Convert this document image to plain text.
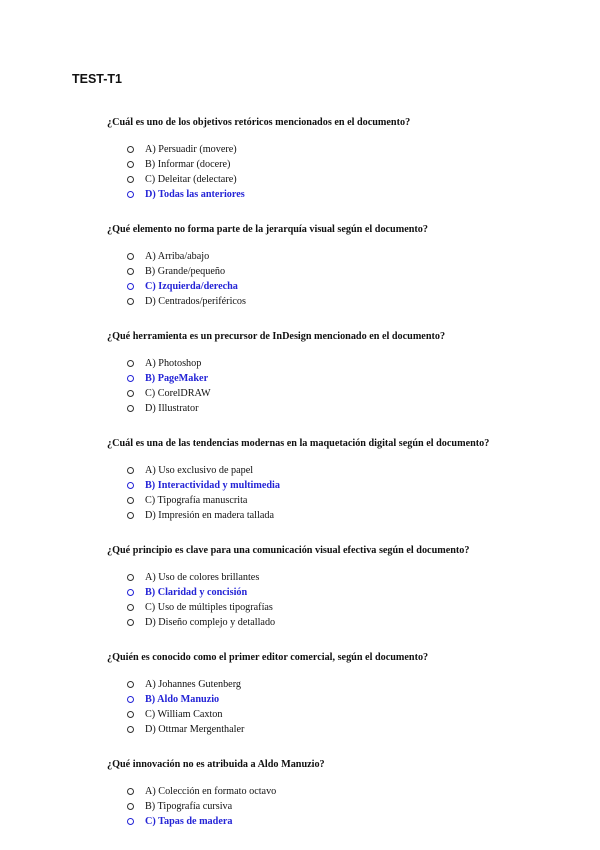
TEST-T1

¿Cuál es uno de los objetivos retóricos mencionados en el documento?

A) Persuadir (movere)
B) Informar (docere)
C) Deleitar (delectare)
D) Todas las anteriores

¿Qué elemento no forma parte de la jerarquía visual según el documento?

A) Arriba/abajo
B) Grande/pequeño
C) Izquierda/derecha
D) Centrados/periféricos

¿Qué herramienta es un precursor de InDesign mencionado en el documento?

A) Photoshop
B) PageMaker
C) CorelDRAW
D) Illustrator

¿Cuál es una de las tendencias modernas en la maquetación digital según el documento?

A) Uso exclusivo de papel
B) Interactividad y multimedia
C) Tipografía manuscrita
D) Impresión en madera tallada

¿Qué principio es clave para una comunicación visual efectiva según el documento?

A) Uso de colores brillantes
B) Claridad y concisión
C) Uso de múltiples tipografías
D) Diseño complejo y detallado

¿Quién es conocido como el primer editor comercial, según el documento?

A) Johannes Gutenberg
B) Aldo Manuzio
C) William Caxton
D) Ottmar Mergenthaler

¿Qué innovación no es atribuida a Aldo Manuzio?

A) Colección en formato octavo
B) Tipografía cursiva
C) Tapas de madera
